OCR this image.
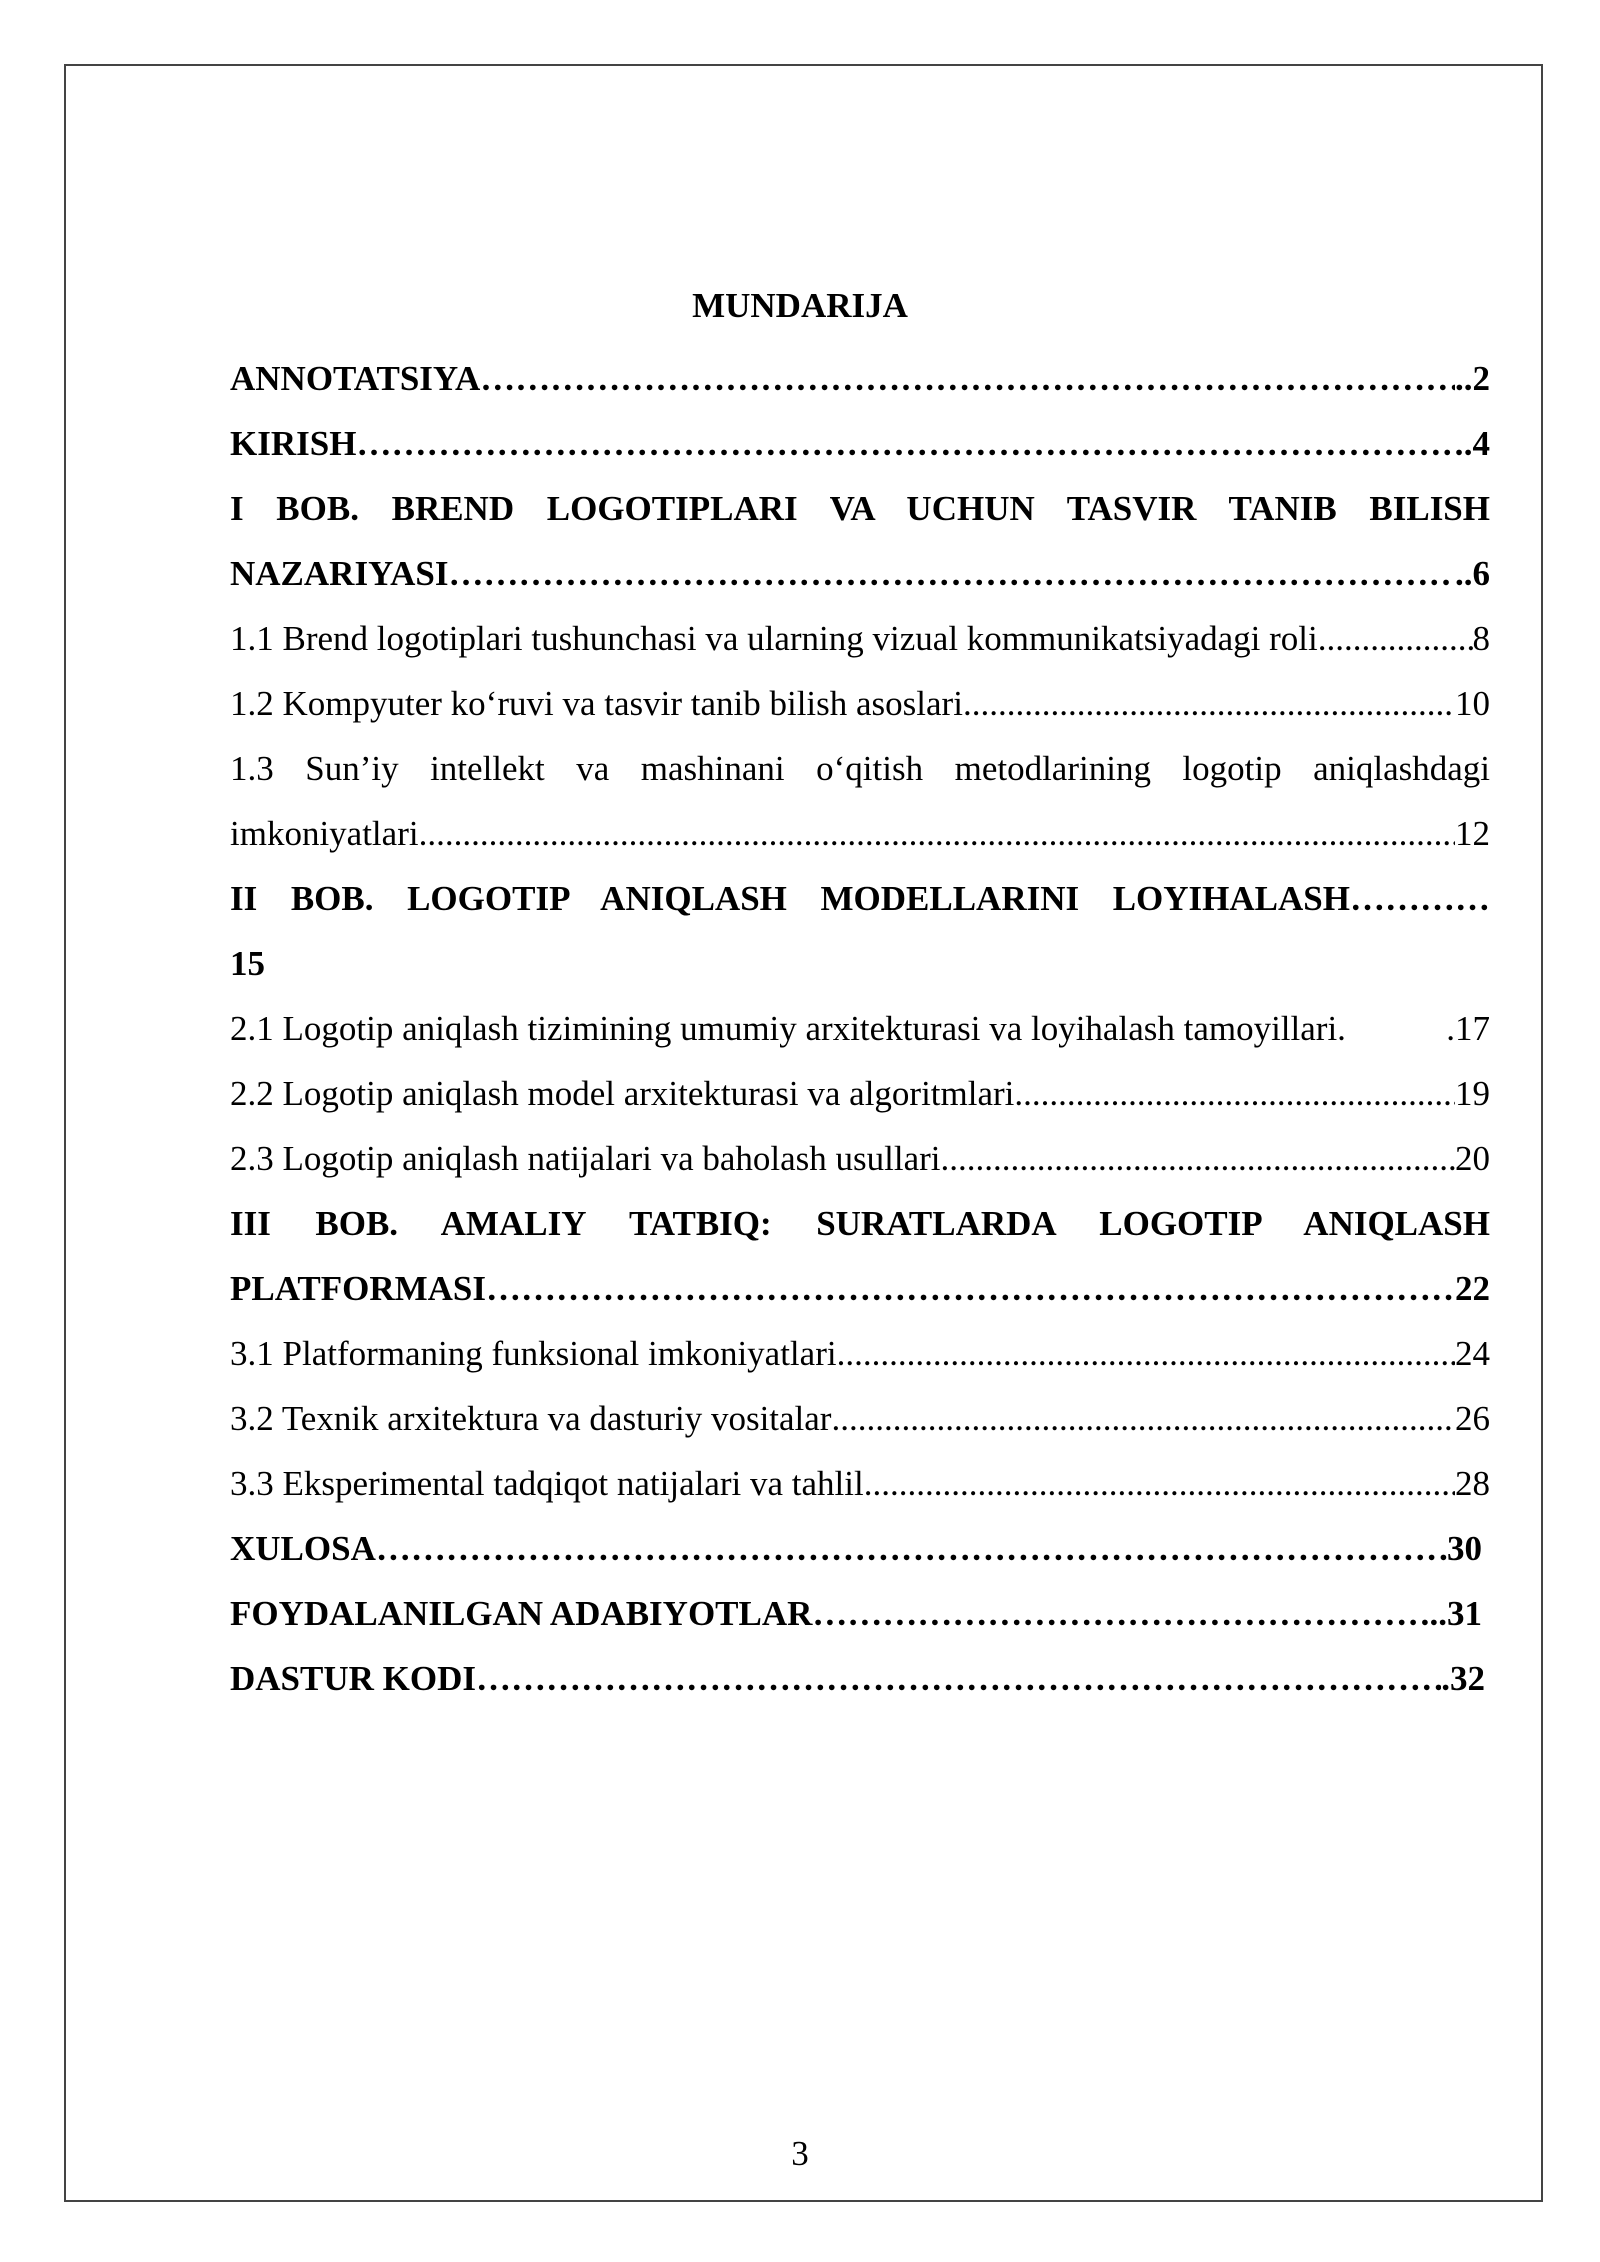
MUNDARIJA
ANNOTATSIYA ……………………………………………………………………………………………………………………………………………………	..2
KIRISH ……………………………………………………………………………………………………………………………………………………	.4
I BOB. BREND LOGOTIPLARI VA UCHUN TASVIR TANIB BILISH
NAZARIYASI ……………………………………………………………………………………………………………………………………………………	..6
1.1 Brend logotiplari tushunchasi va ularning vizual kommunikatsiyadagi roli .....	8
1.2 Kompyuter ko‘ruvi va tasvir tanib bilish asoslari .....	10
1.3 Sun’iy intellekt va mashinani o‘qitish metodlarining logotip aniqlashdagi
imkoniyatlari .....	12
II BOB. LOGOTIP ANIQLASH MODELLARINI LOYIHALASH…………
15
2.1 Logotip aniqlash tizimining umumiy arxitekturasi va loyihalash tamoyillari.	.17
2.2 Logotip aniqlash model arxitekturasi va algoritmlari .....	19
2.3 Logotip aniqlash natijalari va baholash usullari .....	20
III BOB. AMALIY TATBIQ: SURATLARDA LOGOTIP ANIQLASH
PLATFORMASI ……………………………………………………………………………………………………………………………………………………	22
3.1 Platformaning funksional imkoniyatlari .....	24
3.2 Texnik arxitektura va dasturiy vositalar .....	26
3.3 Eksperimental tadqiqot natijalari va tahlil .....	28
XULOSA ……………………………………………………………………………………………………………………………………………………	30
FOYDALANILGAN ADABIYOTLAR ……………………………………………………………………………………………………………………………………………………	..31
DASTUR KODI ……………………………………………………………………………………………………………………………………………………	.32
3
